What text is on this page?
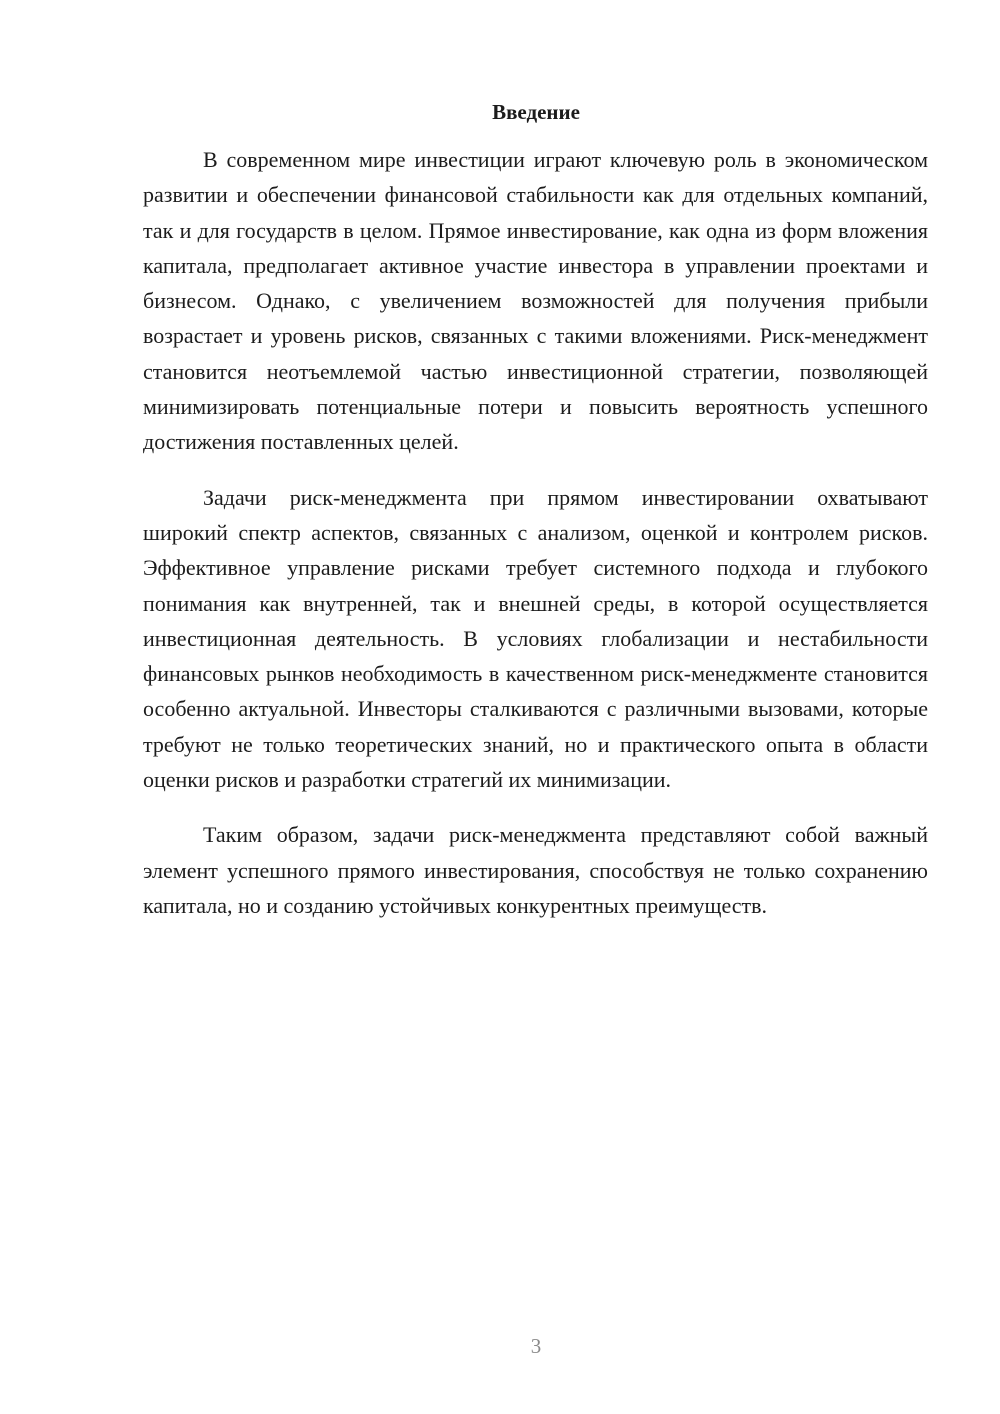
Введение

В современном мире инвестиции играют ключевую роль в экономическом развитии и обеспечении финансовой стабильности как для отдельных компаний, так и для государств в целом. Прямое инвестирование, как одна из форм вложения капитала, предполагает активное участие инвестора в управлении проектами и бизнесом. Однако, с увеличением возможностей для получения прибыли возрастает и уровень рисков, связанных с такими вложениями. Риск-менеджмент становится неотъемлемой частью инвестиционной стратегии, позволяющей минимизировать потенциальные потери и повысить вероятность успешного достижения поставленных целей.

Задачи риск-менеджмента при прямом инвестировании охватывают широкий спектр аспектов, связанных с анализом, оценкой и контролем рисков. Эффективное управление рисками требует системного подхода и глубокого понимания как внутренней, так и внешней среды, в которой осуществляется инвестиционная деятельность. В условиях глобализации и нестабильности финансовых рынков необходимость в качественном риск-менеджменте становится особенно актуальной. Инвесторы сталкиваются с различными вызовами, которые требуют не только теоретических знаний, но и практического опыта в области оценки рисков и разработки стратегий их минимизации.

Таким образом, задачи риск-менеджмента представляют собой важный элемент успешного прямого инвестирования, способствуя не только сохранению капитала, но и созданию устойчивых конкурентных преимуществ.

3
